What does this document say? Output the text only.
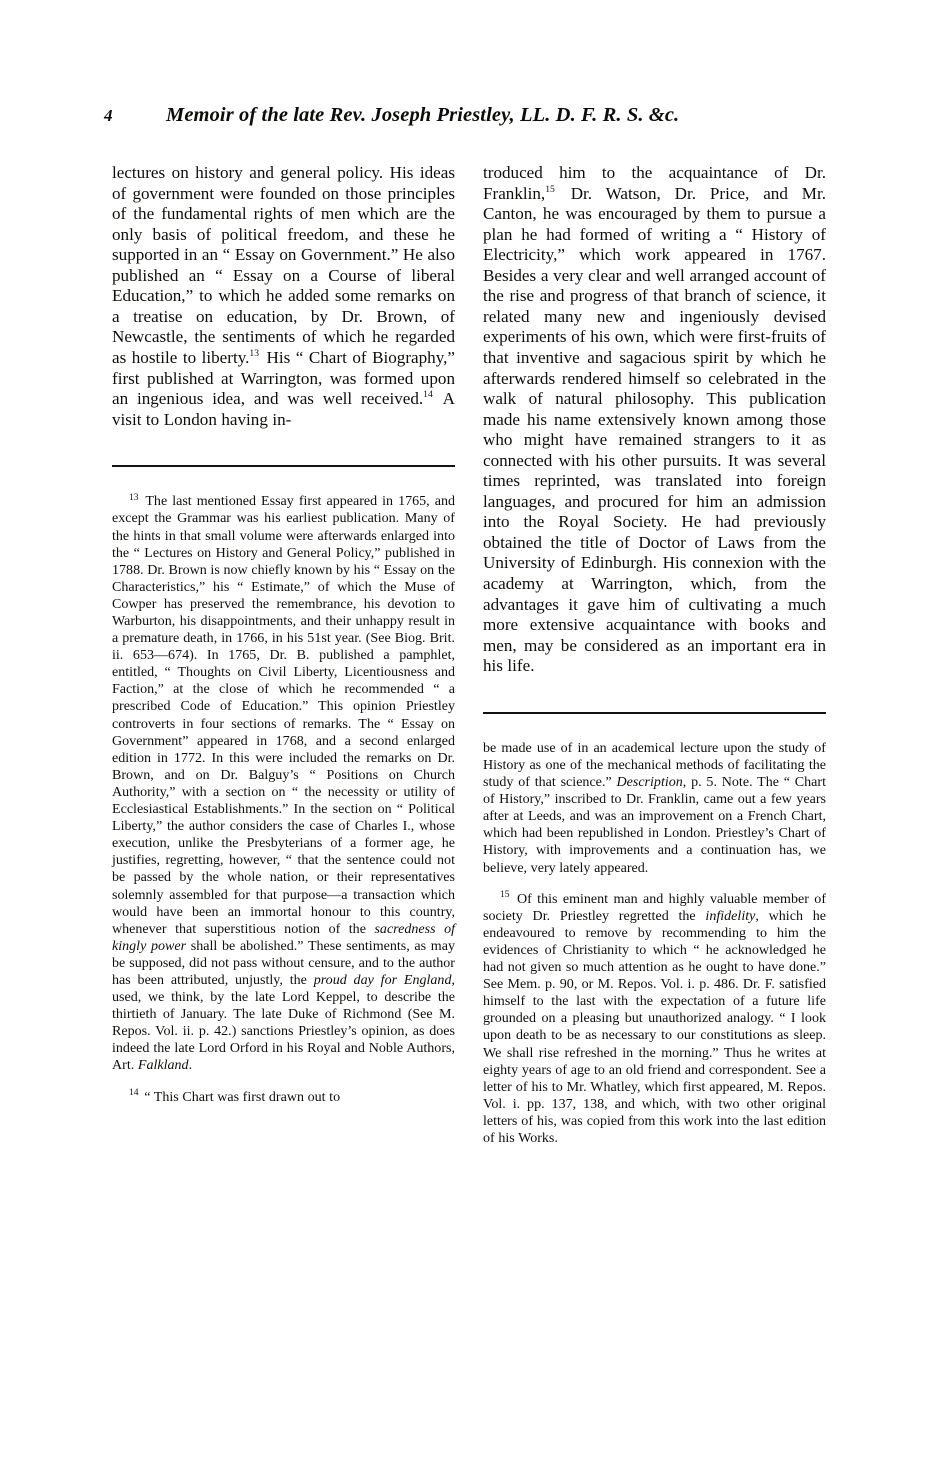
4	Memoir of the late Rev. Joseph Priestley, LL. D. F. R. S. &c.

lectures on history and general policy. His ideas of government were founded on those principles of the fundamental rights of men which are the only basis of political freedom, and these he supported in an “ Essay on Government.” He also published an “ Essay on a Course of liberal Education,” to which he added some remarks on a treatise on education, by Dr. Brown, of Newcastle, the sentiments of which he regarded as hostile to liberty.$^{13}$ His “ Chart of Biography,” first published at Warrington, was formed upon an ingenious idea, and was well received.$^{14}$ A visit to London having in-

$^{13}$ The last mentioned Essay first appeared in 1765, and except the Grammar was his earliest publication. Many of the hints in that small volume were afterwards enlarged into the “ Lectures on History and General Policy,” published in 1788. Dr. Brown is now chiefly known by his “ Essay on the Characteristics,” his “ Estimate,” of which the Muse of Cowper has preserved the remembrance, his devotion to Warburton, his disappointments, and their unhappy result in a premature death, in 1766, in his 51st year. (See Biog. Brit. ii. 653—674). In 1765, Dr. B. published a pamphlet, entitled, “ Thoughts on Civil Liberty, Licentiousness and Faction,” at the close of which he recommended “ a prescribed Code of Education.” This opinion Priestley controverts in four sections of remarks. The “ Essay on Government” appeared in 1768, and a second enlarged edition in 1772. In this were included the remarks on Dr. Brown, and on Dr. Balguy’s “ Positions on Church Authority,” with a section on “ the necessity or utility of Ecclesiastical Establishments.” In the section on “ Political Liberty,” the author considers the case of Charles I., whose execution, unlike the Presbyterians of a former age, he justifies, regretting, however, “ that the sentence could not be passed by the whole nation, or their representatives solemnly assembled for that purpose—a transaction which would have been an immortal honour to this country, whenever that superstitious notion of the sacredness of kingly power shall be abolished.” These sentiments, as may be supposed, did not pass without censure, and to the author has been attributed, unjustly, the proud day for England, used, we think, by the late Lord Keppel, to describe the thirtieth of January. The late Duke of Richmond (See M. Repos. Vol. ii. p. 42.) sanctions Priestley’s opinion, as does indeed the late Lord Orford in his Royal and Noble Authors, Art. Falkland.

$^{14}$ “ This Chart was first drawn out to

troduced him to the acquaintance of Dr. Franklin,$^{15}$ Dr. Watson, Dr. Price, and Mr. Canton, he was encouraged by them to pursue a plan he had formed of writing a “ History of Electricity,” which work appeared in 1767. Besides a very clear and well arranged account of the rise and progress of that branch of science, it related many new and ingeniously devised experiments of his own, which were first-fruits of that inventive and sagacious spirit by which he afterwards rendered himself so celebrated in the walk of natural philosophy. This publication made his name extensively known among those who might have remained strangers to it as connected with his other pursuits. It was several times reprinted, was translated into foreign languages, and procured for him an admission into the Royal Society. He had previously obtained the title of Doctor of Laws from the University of Edinburgh. His connexion with the academy at Warrington, which, from the advantages it gave him of cultivating a much more extensive acquaintance with books and men, may be considered as an important era in his life.

be made use of in an academical lecture upon the study of History as one of the mechanical methods of facilitating the study of that science.” Description, p. 5. Note. The “ Chart of History,” inscribed to Dr. Franklin, came out a few years after at Leeds, and was an improvement on a French Chart, which had been republished in London. Priestley’s Chart of History, with improvements and a continuation has, we believe, very lately appeared.

$^{15}$ Of this eminent man and highly valuable member of society Dr. Priestley regretted the infidelity, which he endeavoured to remove by recommending to him the evidences of Christianity to which “ he acknowledged he had not given so much attention as he ought to have done.” See Mem. p. 90, or M. Repos. Vol. i. p. 486. Dr. F. satisfied himself to the last with the expectation of a future life grounded on a pleasing but unauthorized analogy. “ I look upon death to be as necessary to our constitutions as sleep. We shall rise refreshed in the morning.” Thus he writes at eighty years of age to an old friend and correspondent. See a letter of his to Mr. Whatley, which first appeared, M. Repos. Vol. i. pp. 137, 138, and which, with two other original letters of his, was copied from this work into the last edition of his Works.
